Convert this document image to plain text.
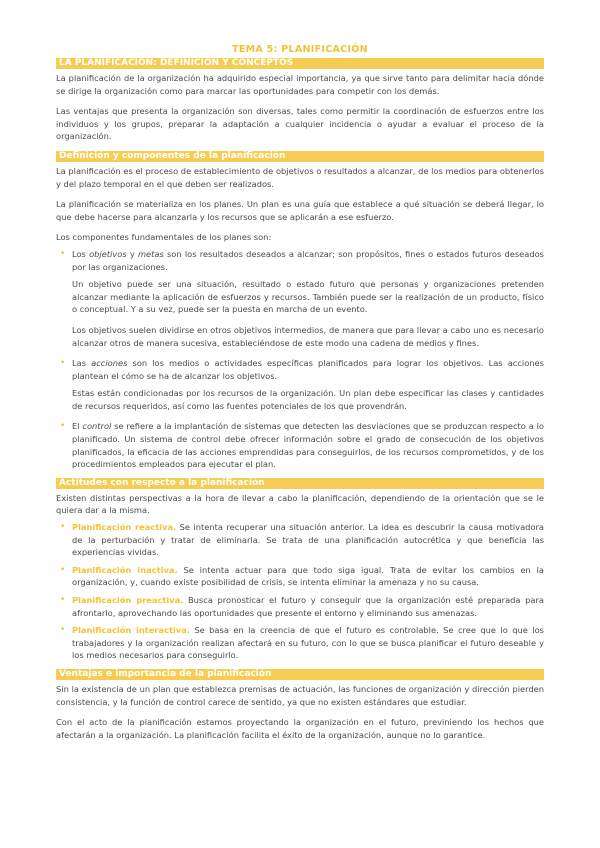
TEMA 5: PLANIFICACIÓN
LA PLANIFICACIÓN: DEFINICIÓN Y CONCEPTOS

La planificación de la organización ha adquirido especial importancia, ya que sirve tanto para delimitar hacia dónde se dirige la organización como para marcar las oportunidades para competir con los demás.

Las ventajas que presenta la organización son diversas, tales como permitir la coordinación de esfuerzos entre los individuos y los grupos, preparar la adaptación a cualquier incidencia o ayudar a evaluar el proceso de la organización.

Definición y componentes de la planificación

La planificación es el proceso de establecimiento de objetivos o resultados a alcanzar, de los medios para obtenerlos y del plazo temporal en el que deben ser realizados.

La planificación se materializa en los planes. Un plan es una guía que establece a qué situación se deberá llegar, lo que debe hacerse para alcanzarla y los recursos que se aplicarán a ese esfuerzo.

Los componentes fundamentales de los planes son:

• Los objetivos y metas son los resultados deseados a alcanzar; son propósitos, fines o estados futuros deseados por las organizaciones.

Un objetivo puede ser una situación, resultado o estado futuro que personas y organizaciones pretenden alcanzar mediante la aplicación de esfuerzos y recursos. También puede ser la realización de un producto, físico o conceptual. Y a su vez, puede ser la puesta en marcha de un evento.

Los objetivos suelen dividirse en otros objetivos intermedios, de manera que para llevar a cabo uno es necesario alcanzar otros de manera sucesiva, estableciéndose de este modo una cadena de medios y fines.

• Las acciones son los medios o actividades específicas planificados para lograr los objetivos. Las acciones plantean el cómo se ha de alcanzar los objetivos.

Estas están condicionadas por los recursos de la organización. Un plan debe especificar las clases y cantidades de recursos requeridos, así como las fuentes potenciales de los que provendrán.

• El control se refiere a la implantación de sistemas que detecten las desviaciones que se produzcan respecto a lo planificado. Un sistema de control debe ofrecer información sobre el grado de consecución de los objetivos planificados, la eficacia de las acciones emprendidas para conseguirlos, de los recursos comprometidos, y de los procedimientos empleados para ejecutar el plan.
Actitudes con respecto a la planificación

Existen distintas perspectivas a la hora de llevar a cabo la planificación, dependiendo de la orientación que se le quiera dar a la misma.

• Planificación reactiva. Se intenta recuperar una situación anterior. La idea es descubrir la causa motivadora de la perturbación y tratar de eliminarla. Se trata de una planificación autocrética y que beneficia las experiencias vividas.
• Planificación inactiva. Se intenta actuar para que todo siga igual. Trata de evitar los cambios en la organización, y, cuando existe posibilidad de crisis, se intenta eliminar la amenaza y no su causa.
• Planificación preactiva. Busca pronosticar el futuro y conseguir que la organización esté preparada para afrontarlo, aprovechando las oportunidades que presente el entorno y eliminando sus amenazas.
• Planificación interactiva. Se basa en la creencia de que el futuro es controlable. Se cree que lo que los trabajadores y la organización realizan afectará en su futuro, con lo que se busca planificar el futuro deseable y los medios necesarios para conseguirlo.
Ventajas e importancia de la planificación

Sin la existencia de un plan que establezca premisas de actuación, las funciones de organización y dirección pierden consistencia, y la función de control carece de sentido, ya que no existen estándares que estudiar.

Con el acto de la planificación estamos proyectando la organización en el futuro, previniendo los hechos que afectarán a la organización. La planificación facilita el éxito de la organización, aunque no lo garantice.
